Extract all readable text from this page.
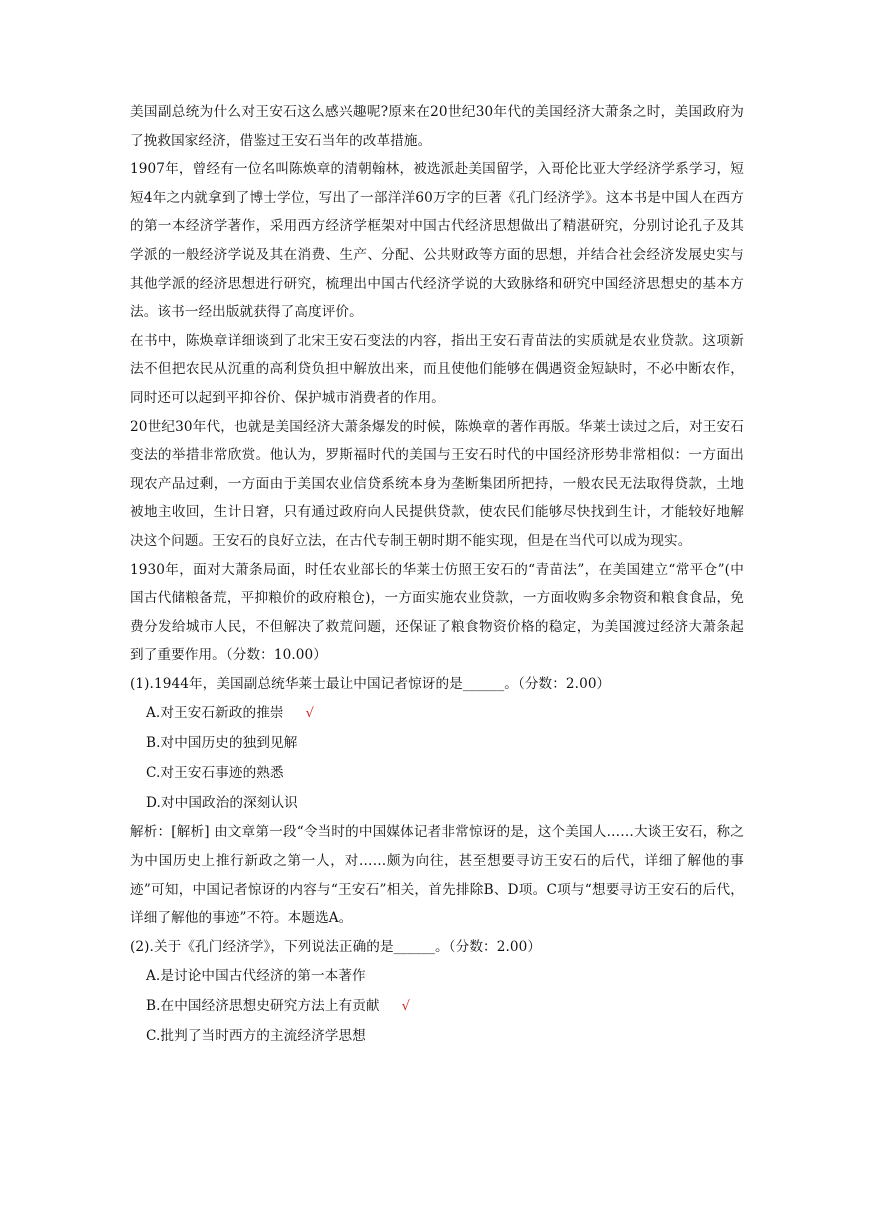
美国副总统为什么对王安石这么感兴趣呢?原来在20世纪30年代的美国经济大萧条之时，美国政府为了挽救国家经济，借鉴过王安石当年的改革措施。

1907年，曾经有一位名叫陈焕章的清朝翰林，被选派赴美国留学，入哥伦比亚大学经济学系学习，短短4年之内就拿到了博士学位，写出了一部洋洋60万字的巨著《孔门经济学》。这本书是中国人在西方的第一本经济学著作，采用西方经济学框架对中国古代经济思想做出了精湛研究，分别讨论孔子及其学派的一般经济学说及其在消费、生产、分配、公共财政等方面的思想，并结合社会经济发展史实与其他学派的经济思想进行研究，梳理出中国古代经济学说的大致脉络和研究中国经济思想史的基本方法。该书一经出版就获得了高度评价。

在书中，陈焕章详细谈到了北宋王安石变法的内容，指出王安石青苗法的实质就是农业贷款。这项新法不但把农民从沉重的高利贷负担中解放出来，而且使他们能够在偶遇资金短缺时，不必中断农作，同时还可以起到平抑谷价、保护城市消费者的作用。

20世纪30年代，也就是美国经济大萧条爆发的时候，陈焕章的著作再版。华莱士读过之后，对王安石变法的举措非常欣赏。他认为，罗斯福时代的美国与王安石时代的中国经济形势非常相似：一方面出现农产品过剩，一方面由于美国农业信贷系统本身为垄断集团所把持，一般农民无法取得贷款，土地被地主收回，生计日窘，只有通过政府向人民提供贷款，使农民们能够尽快找到生计，才能较好地解决这个问题。王安石的良好立法，在古代专制王朝时期不能实现，但是在当代可以成为现实。

1930年，面对大萧条局面，时任农业部长的华莱士仿照王安石的“青苗法”，在美国建立“常平仓”(中国古代储粮备荒，平抑粮价的政府粮仓)，一方面实施农业贷款，一方面收购多余物资和粮食食品，免费分发给城市人民，不但解决了救荒问题，还保证了粮食物资价格的稳定，为美国渡过经济大萧条起到了重要作用。（分数：10.00）

(1).1944年，美国副总统华莱士最让中国记者惊讶的是______。（分数：2.00）

A.对王安石新政的推崇 √

B.对中国历史的独到见解

C.对王安石事迹的熟悉

D.对中国政治的深刻认识

解析：[解析] 由文章第一段“令当时的中国媒体记者非常惊讶的是，这个美国人……大谈王安石，称之为中国历史上推行新政之第一人，对……颇为向往，甚至想要寻访王安石的后代，详细了解他的事迹”可知，中国记者惊讶的内容与“王安石”相关，首先排除B、D项。C项与“想要寻访王安石的后代，详细了解他的事迹”不符。本题选A。

(2).关于《孔门经济学》，下列说法正确的是______。（分数：2.00）

A.是讨论中国古代经济的第一本著作

B.在中国经济思想史研究方法上有贡献 √

C.批判了当时西方的主流经济学思想
